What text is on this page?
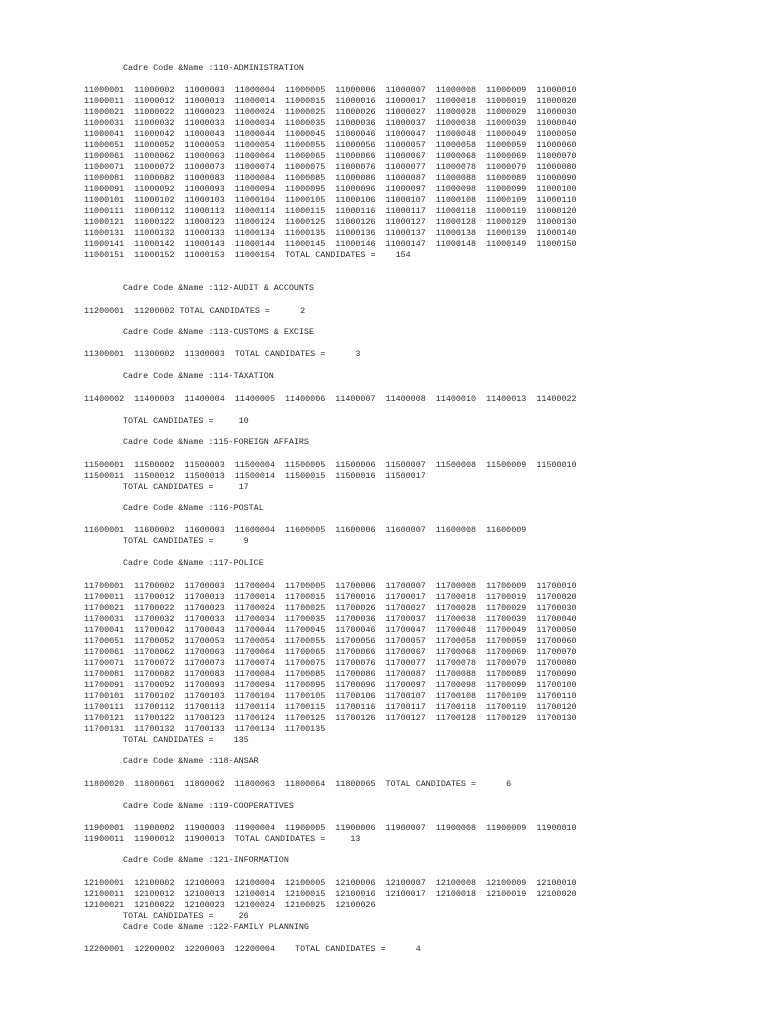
Cadre Code &Name :110-ADMINISTRATION
11000001  11000002  11000003  11000004  11000005  11000006  11000007  11000008  11000009  11000010
11000011  11000012  11000013  11000014  11000015  11000016  11000017  11000018  11000019  11000020
11000021  11000022  11000023  11000024  11000025  11000026  11000027  11000028  11000029  11000030
11000031  11000032  11000033  11000034  11000035  11000036  11000037  11000038  11000039  11000040
11000041  11000042  11000043  11000044  11000045  11000046  11000047  11000048  11000049  11000050
11000051  11000052  11000053  11000054  11000055  11000056  11000057  11000058  11000059  11000060
11000061  11000062  11000063  11000064  11000065  11000066  11000067  11000068  11000069  11000070
11000071  11000072  11000073  11000074  11000075  11000076  11000077  11000078  11000079  11000080
11000081  11000082  11000083  11000084  11000085  11000086  11000087  11000088  11000089  11000090
11000091  11000092  11000093  11000094  11000095  11000096  11000097  11000098  11000099  11000100
11000101  11000102  11000103  11000104  11000105  11000106  11000107  11000108  11000109  11000110
11000111  11000112  11000113  11000114  11000115  11000116  11000117  11000118  11000119  11000120
11000121  11000122  11000123  11000124  11000125  11000126  11000127  11000128  11000129  11000130
11000131  11000132  11000133  11000134  11000135  11000136  11000137  11000138  11000139  11000140
11000141  11000142  11000143  11000144  11000145  11000146  11000147  11000148  11000149  11000150
11000151  11000152  11000153  11000154  TOTAL CANDIDATES =    154
Cadre Code &Name :112-AUDIT & ACCOUNTS
11200001  11200002 TOTAL CANDIDATES =      2
Cadre Code &Name :113-CUSTOMS & EXCISE
11300001  11300002  11300003  TOTAL CANDIDATES =      3
Cadre Code &Name :114-TAXATION
11400002  11400003  11400004  11400005  11400006  11400007  11400008  11400010  11400013  11400022
TOTAL CANDIDATES =     10
Cadre Code &Name :115-FOREIGN AFFAIRS
11500001  11500002  11500003  11500004  11500005  11500006  11500007  11500008  11500009  11500010
11500011  11500012  11500013  11500014  11500015  11500016  11500017
TOTAL CANDIDATES =     17
Cadre Code &Name :116-POSTAL
11600001  11600002  11600003  11600004  11600005  11600006  11600007  11600008  11600009
TOTAL CANDIDATES =      9
Cadre Code &Name :117-POLICE
11700001  11700002  11700003  11700004  11700005  11700006  11700007  11700008  11700009  11700010
11700011  11700012  11700013  11700014  11700015  11700016  11700017  11700018  11700019  11700020
11700021  11700022  11700023  11700024  11700025  11700026  11700027  11700028  11700029  11700030
11700031  11700032  11700033  11700034  11700035  11700036  11700037  11700038  11700039  11700040
11700041  11700042  11700043  11700044  11700045  11700046  11700047  11700048  11700049  11700050
11700051  11700052  11700053  11700054  11700055  11700056  11700057  11700058  11700059  11700060
11700061  11700062  11700063  11700064  11700065  11700066  11700067  11700068  11700069  11700070
11700071  11700072  11700073  11700074  11700075  11700076  11700077  11700078  11700079  11700080
11700081  11700082  11700083  11700084  11700085  11700086  11700087  11700088  11700089  11700090
11700091  11700092  11700093  11700094  11700095  11700096  11700097  11700098  11700099  11700100
11700101  11700102  11700103  11700104  11700105  11700106  11700107  11700108  11700109  11700110
11700111  11700112  11700113  11700114  11700115  11700116  11700117  11700118  11700119  11700120
11700121  11700122  11700123  11700124  11700125  11700126  11700127  11700128  11700129  11700130
11700131  11700132  11700133  11700134  11700135
TOTAL CANDIDATES =    135
Cadre Code &Name :118-ANSAR
11800020  11800061  11800062  11800063  11800064  11800065  TOTAL CANDIDATES =      6
Cadre Code &Name :119-COOPERATIVES
11900001  11900002  11900003  11900004  11900005  11900006  11900007  11900008  11900009  11900010
11900011  11900012  11900013  TOTAL CANDIDATES =     13
Cadre Code &Name :121-INFORMATION
12100001  12100002  12100003  12100004  12100005  12100006  12100007  12100008  12100009  12100010
12100011  12100012  12100013  12100014  12100015  12100016  12100017  12100018  12100019  12100020
12100021  12100022  12100023  12100024  12100025  12100026
TOTAL CANDIDATES =     26
Cadre Code &Name :122-FAMILY PLANNING
12200001  12200002  12200003  12200004    TOTAL CANDIDATES =      4
